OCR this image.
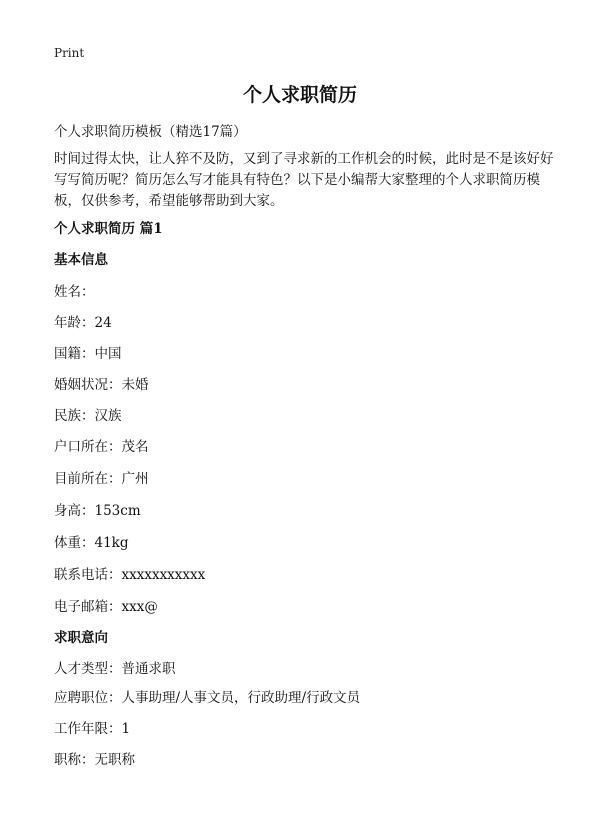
Print
个人求职简历

个人求职简历模板（精选17篇）

时间过得太快，让人猝不及防，又到了寻求新的工作机会的时候，此时是不是该好好写写简历呢？简历怎么写才能具有特色？以下是小编帮大家整理的个人求职简历模板，仅供参考，希望能够帮助到大家。

个人求职简历 篇1

基本信息

姓名：

年龄：24

国籍：中国

婚姻状况：未婚

民族：汉族

户口所在：茂名

目前所在：广州

身高：153cm

体重：41kg

联系电话：xxxxxxxxxxx

电子邮箱：xxx@

求职意向

人才类型：普通求职

应聘职位：人事助理/人事文员，行政助理/行政文员

工作年限：1

职称：无职称
